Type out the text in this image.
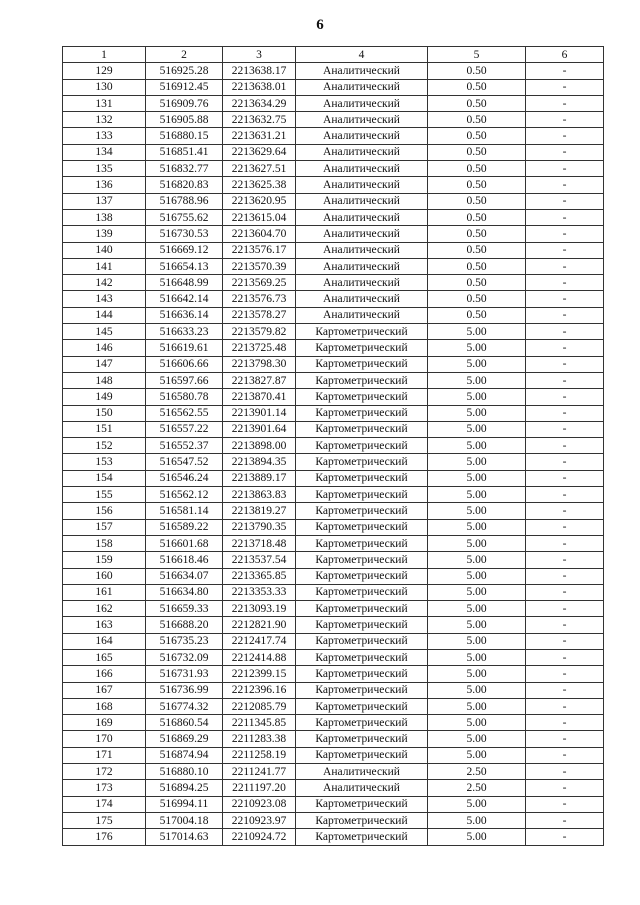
6
1	2	3	4	5	6
129	516925.28	2213638.17	Аналитический	0.50	-
130	516912.45	2213638.01	Аналитический	0.50	-
131	516909.76	2213634.29	Аналитический	0.50	-
132	516905.88	2213632.75	Аналитический	0.50	-
133	516880.15	2213631.21	Аналитический	0.50	-
134	516851.41	2213629.64	Аналитический	0.50	-
135	516832.77	2213627.51	Аналитический	0.50	-
136	516820.83	2213625.38	Аналитический	0.50	-
137	516788.96	2213620.95	Аналитический	0.50	-
138	516755.62	2213615.04	Аналитический	0.50	-
139	516730.53	2213604.70	Аналитический	0.50	-
140	516669.12	2213576.17	Аналитический	0.50	-
141	516654.13	2213570.39	Аналитический	0.50	-
142	516648.99	2213569.25	Аналитический	0.50	-
143	516642.14	2213576.73	Аналитический	0.50	-
144	516636.14	2213578.27	Аналитический	0.50	-
145	516633.23	2213579.82	Картометрический	5.00	-
146	516619.61	2213725.48	Картометрический	5.00	-
147	516606.66	2213798.30	Картометрический	5.00	-
148	516597.66	2213827.87	Картометрический	5.00	-
149	516580.78	2213870.41	Картометрический	5.00	-
150	516562.55	2213901.14	Картометрический	5.00	-
151	516557.22	2213901.64	Картометрический	5.00	-
152	516552.37	2213898.00	Картометрический	5.00	-
153	516547.52	2213894.35	Картометрический	5.00	-
154	516546.24	2213889.17	Картометрический	5.00	-
155	516562.12	2213863.83	Картометрический	5.00	-
156	516581.14	2213819.27	Картометрический	5.00	-
157	516589.22	2213790.35	Картометрический	5.00	-
158	516601.68	2213718.48	Картометрический	5.00	-
159	516618.46	2213537.54	Картометрический	5.00	-
160	516634.07	2213365.85	Картометрический	5.00	-
161	516634.80	2213353.33	Картометрический	5.00	-
162	516659.33	2213093.19	Картометрический	5.00	-
163	516688.20	2212821.90	Картометрический	5.00	-
164	516735.23	2212417.74	Картометрический	5.00	-
165	516732.09	2212414.88	Картометрический	5.00	-
166	516731.93	2212399.15	Картометрический	5.00	-
167	516736.99	2212396.16	Картометрический	5.00	-
168	516774.32	2212085.79	Картометрический	5.00	-
169	516860.54	2211345.85	Картометрический	5.00	-
170	516869.29	2211283.38	Картометрический	5.00	-
171	516874.94	2211258.19	Картометрический	5.00	-
172	516880.10	2211241.77	Аналитический	2.50	-
173	516894.25	2211197.20	Аналитический	2.50	-
174	516994.11	2210923.08	Картометрический	5.00	-
175	517004.18	2210923.97	Картометрический	5.00	-
176	517014.63	2210924.72	Картометрический	5.00	-
